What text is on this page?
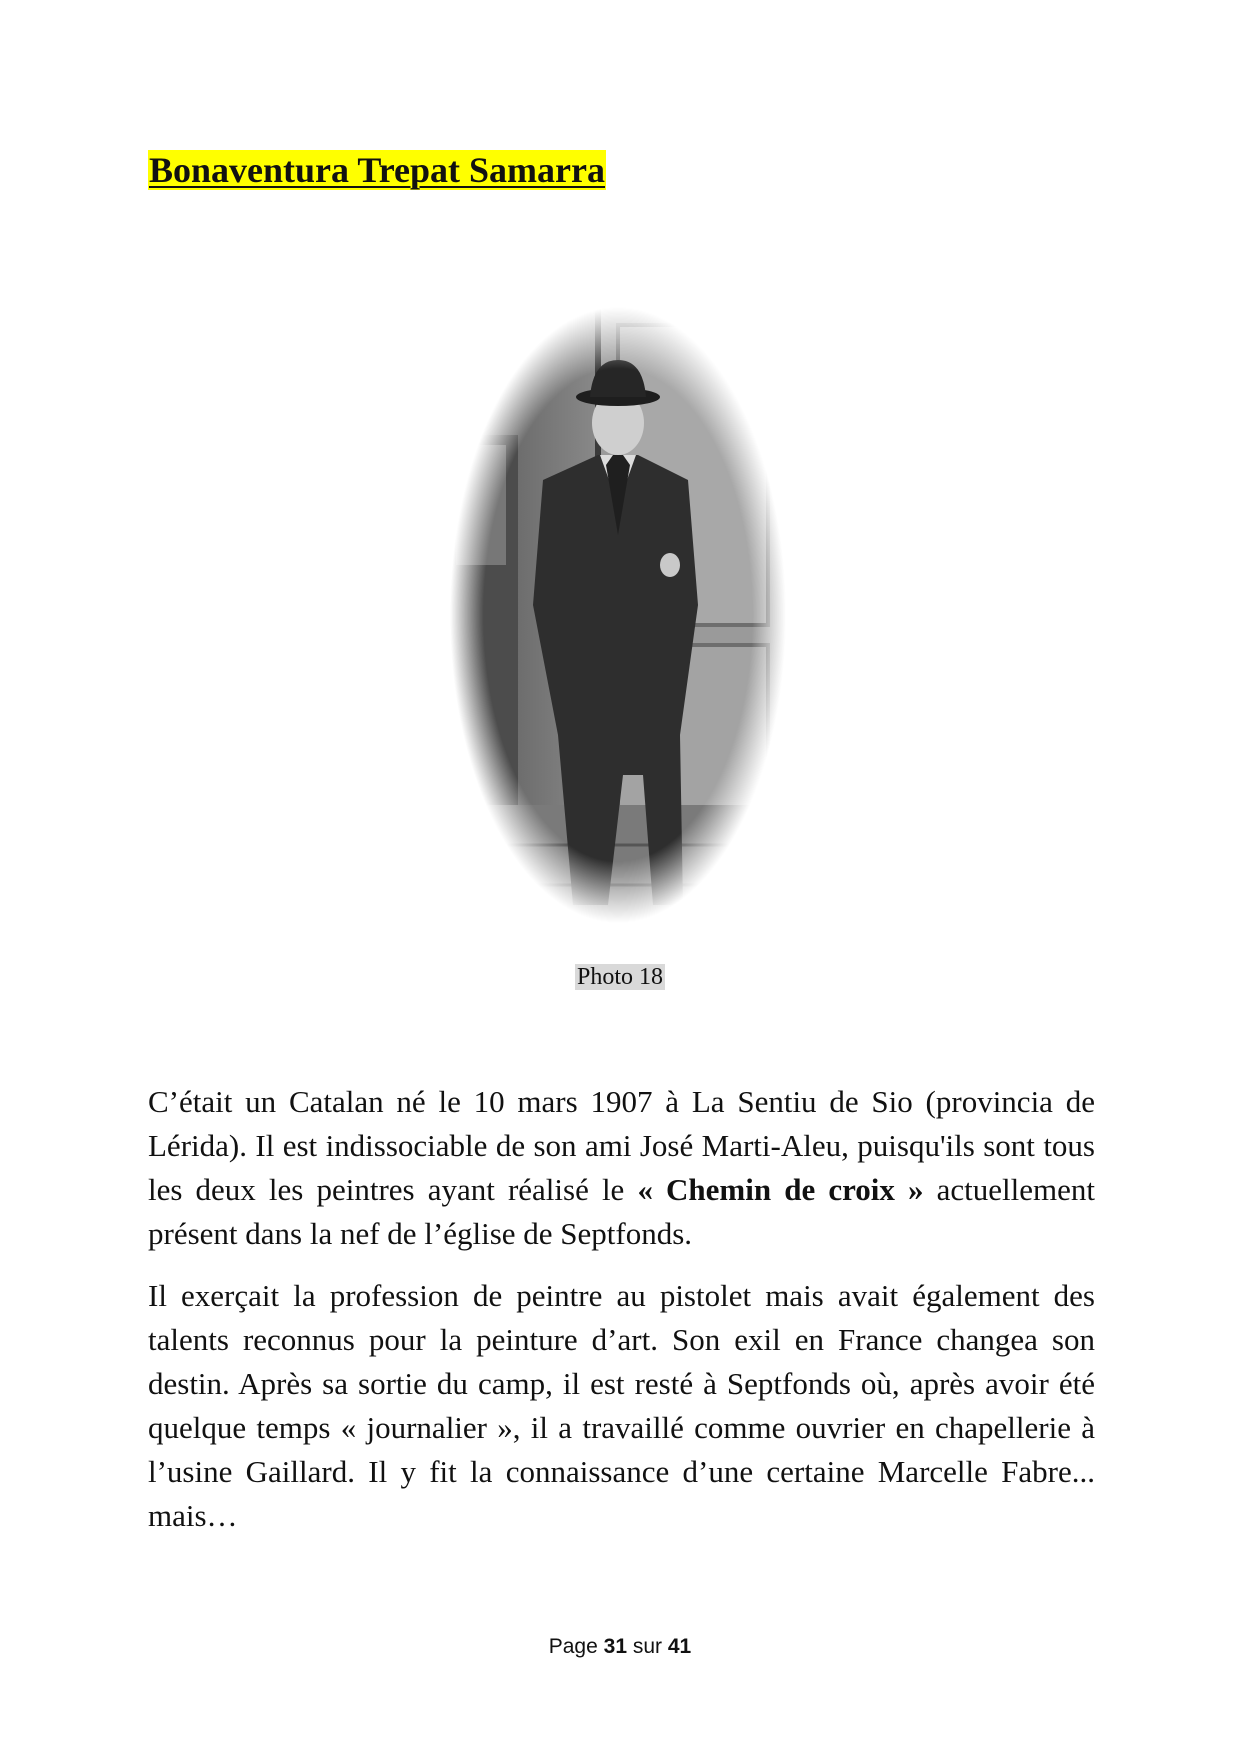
Bonaventura Trepat Samarra
Photo 18

C’était un Catalan né le 10 mars 1907 à La Sentiu de Sio (provincia de Lérida). Il est indissociable de son ami José Marti-Aleu, puisqu'ils sont tous les deux les peintres ayant réalisé le « Chemin de croix » actuellement présent dans la nef de l’église de Septfonds.

Il exerçait la profession de peintre au pistolet mais avait également des talents reconnus pour la peinture d’art. Son exil en France changea son destin. Après sa sortie du camp, il est resté à Septfonds où, après avoir été quelque temps « journalier », il a travaillé comme ouvrier en chapellerie à l’usine Gaillard. Il y fit la connaissance d’une certaine Marcelle Fabre... mais…

Page 31 sur 41
